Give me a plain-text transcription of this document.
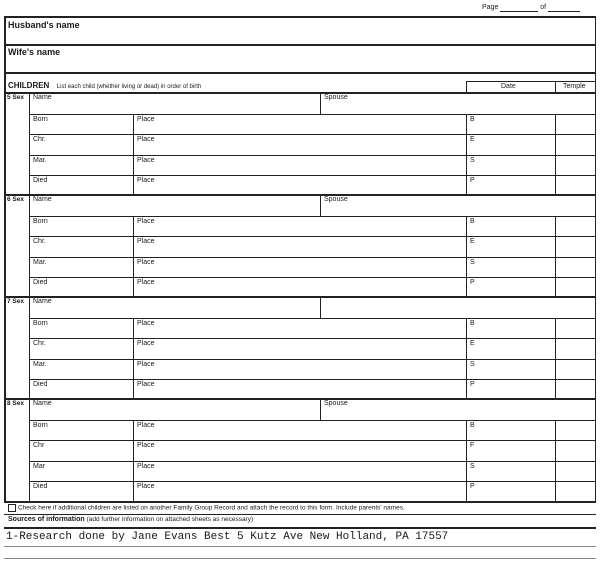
Page	of
Husband's name
Wife's name
CHILDREN List each child (whether living or dead) in order of birth	Date	Temple
5 Sex Name	Spouse
Born	Place	B
Chr.	Place	E
Mar.	Place	S
Died	Place	P
6 Sex Name	Spouse
Born	Place	B
Chr.	Place	E
Mar.	Place	S
Died	Place	P
7 Sex Name
Born	Place	B
Chr.	Place	E
Mar.	Place	S
Died	Place	P
8 Sex Name	Spouse
Born	Place	B
Chr	Place	F
Mar	Place	S
Died	Place	P
Check here if additional children are listed on another Family Group Record and attach the record to this form. Include parents' names.
Sources of information (add further information on attached sheets as necessary)
1-Research done by Jane Evans Best 5 Kutz Ave New Holland, PA 17557
